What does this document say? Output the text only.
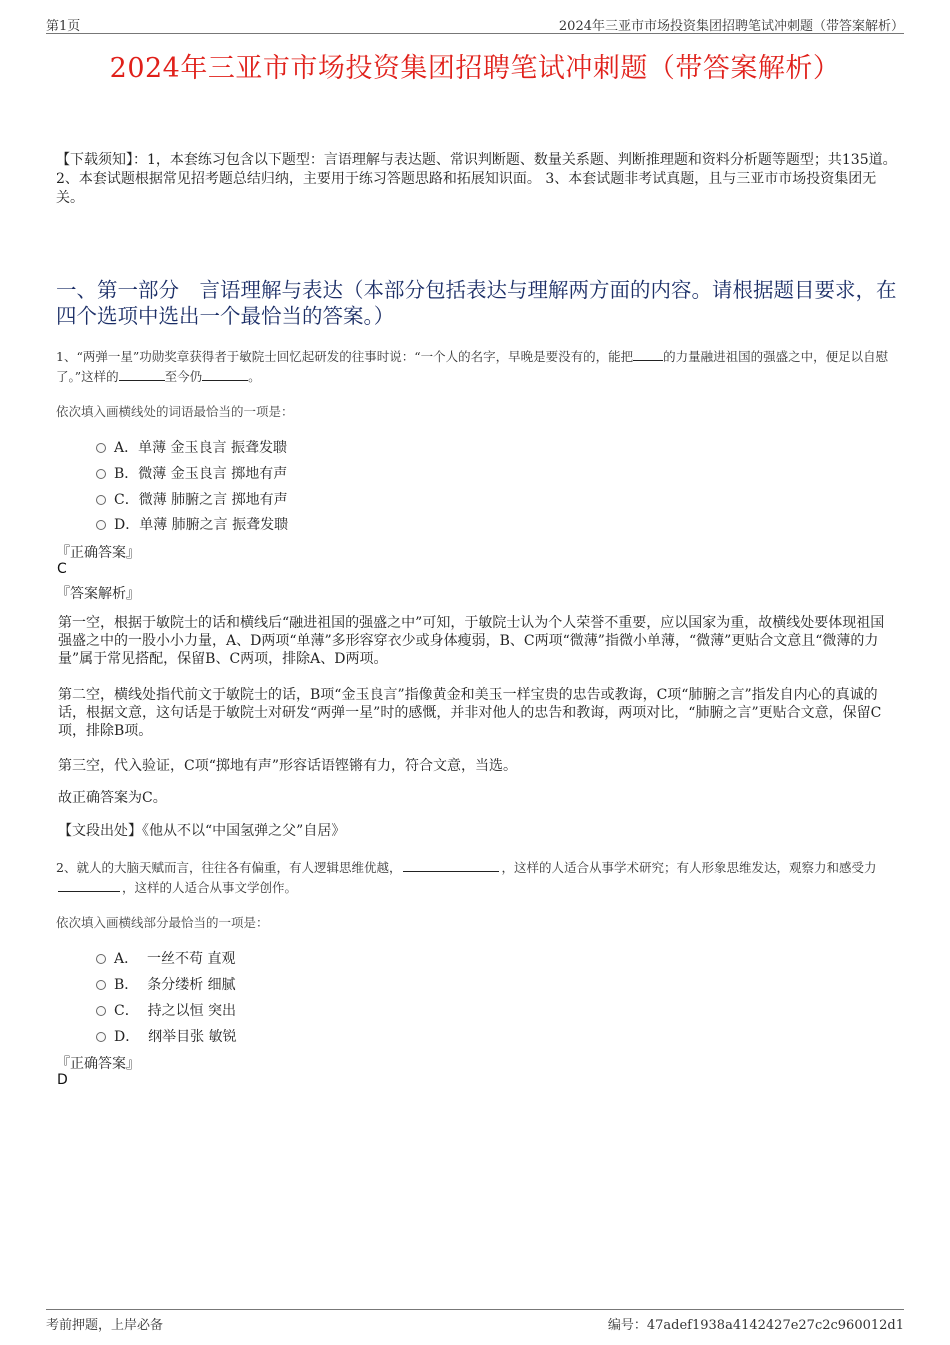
第1页	2024年三亚市市场投资集团招聘笔试冲刺题（带答案解析）
2024年三亚市市场投资集团招聘笔试冲刺题（带答案解析）
【下载须知】：1，本套练习包含以下题型：言语理解与表达题、常识判断题、数量关系题、判断推理题和资料分析题等题型；共135道。 2、本套试题根据常见招考题总结归纳，主要用于练习答题思路和拓展知识面。 3、本套试题非考试真题，且与三亚市市场投资集团无关。
一、第一部分　言语理解与表达（本部分包括表达与理解两方面的内容。请根据题目要求，在四个选项中选出一个最恰当的答案。）
1、“两弹一星”功勋奖章获得者于敏院士回忆起研发的往事时说：“一个人的名字，早晚是要没有的，能把 的力量融进祖国的强盛之中，便足以自慰了。”这样的	至今仍	。
依次填入画横线处的词语最恰当的一项是：
A．单薄 金玉良言 振聋发聩
B．微薄 金玉良言 掷地有声
C．微薄 肺腑之言 掷地有声
D．单薄 肺腑之言 振聋发聩
『正确答案』
C
『答案解析』
第一空，根据于敏院士的话和横线后“融进祖国的强盛之中”可知，于敏院士认为个人荣誉不重要，应以国家为重，故横线处要体现祖国强盛之中的一股小小力量，A、D两项“单薄”多形容穿衣少或身体瘦弱，B、C两项“微薄”指微小单薄，“微薄”更贴合文意且“微薄的力量”属于常见搭配，保留B、C两项，排除A、D两项。
第二空，横线处指代前文于敏院士的话，B项“金玉良言”指像黄金和美玉一样宝贵的忠告或教诲，C项“肺腑之言”指发自内心的真诚的话，根据文意，这句话是于敏院士对研发“两弹一星”时的感慨，并非对他人的忠告和教诲，两项对比，“肺腑之言”更贴合文意，保留C项，排除B项。
第三空，代入验证，C项“掷地有声”形容话语铿锵有力，符合文意，当选。
故正确答案为C。
【文段出处】《他从不以“中国氢弹之父”自居》
2、就人的大脑天赋而言，往往各有偏重，有人逻辑思维优越，	，这样的人适合从事学术研究；有人形象思维发达，观察力和感受力，这样的人适合从事文学创作。
依次填入画横线部分最恰当的一项是：
A．  一丝不苟 直观
B．  条分缕析 细腻
C．  持之以恒 突出
D．  纲举目张 敏锐
『正确答案』
D
考前押题，上岸必备	编号：47adef1938a4142427e27c2c960012d1
